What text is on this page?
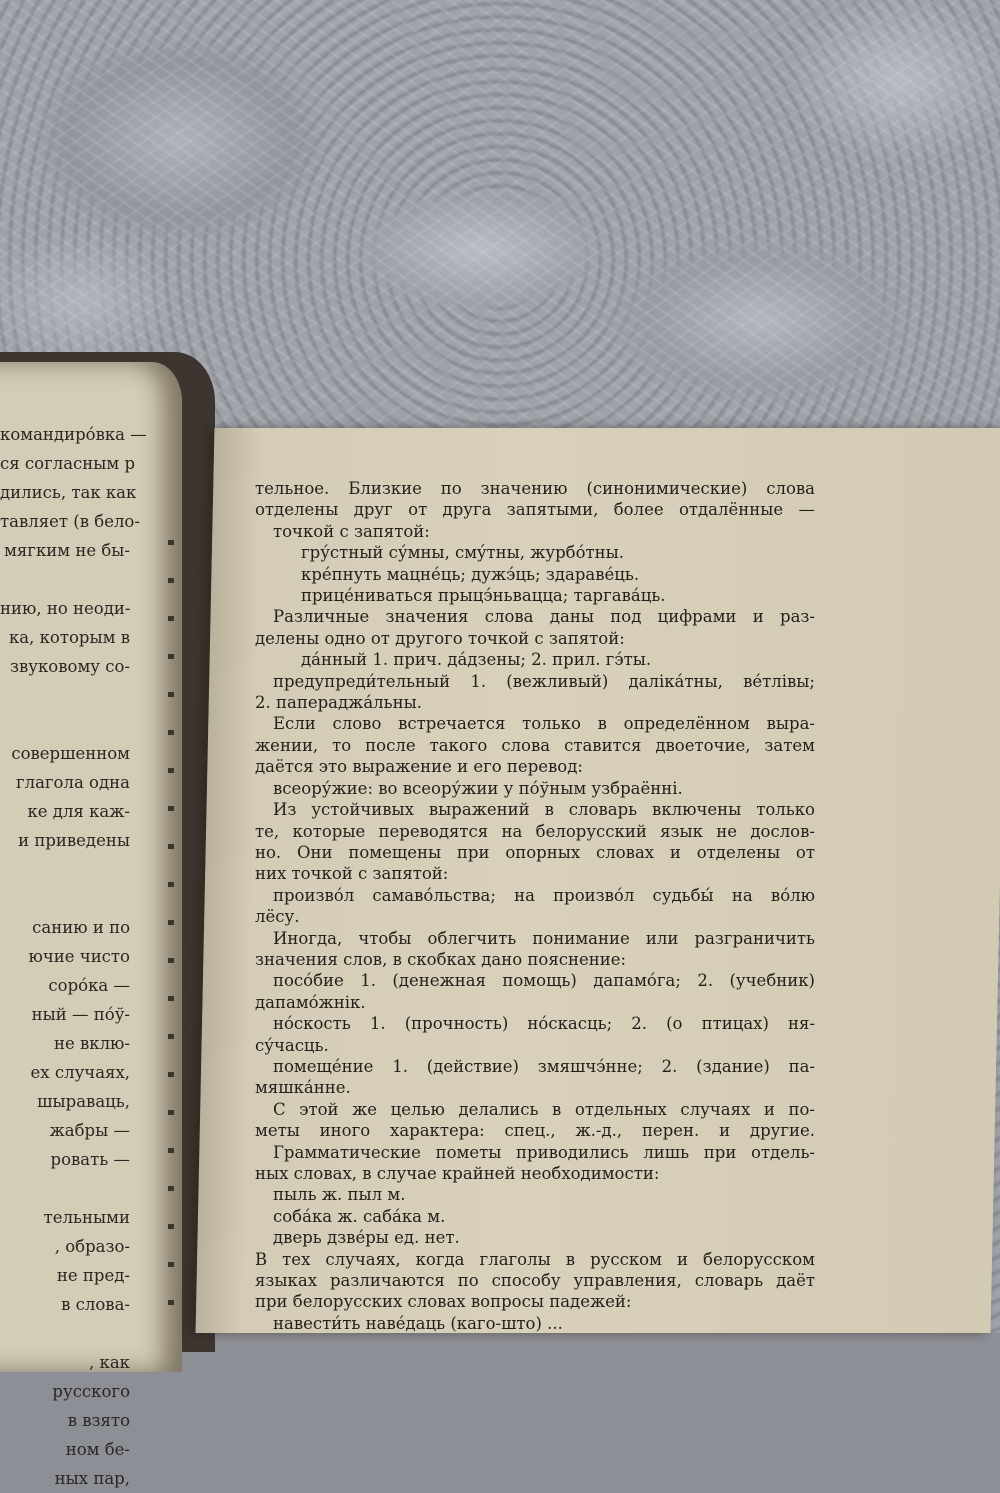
командиро́вка —
ся согласным р
дились, так как
тавляет (в бело-
мягким не бы-

нию, но неоди-
ка, которым в
звуковому со-

совершенном
глагола одна
ке для каж-
и приведены

санию и по
ючие чисто
соро́ка —
ный — по́ў-
не вклю-
ех случаях,
шыраваць,
жабры —
ровать —

тельными
, образо-
не пред-
в слова-

, как
русского
в взято
ном бе-
ных пар,
тельное. Близкие по значению (синонимические) слова
отделены друг от друга запятыми, более отдалённые —
точкой с запятой:
гру́стный су́мны, смýтны, журбо́тны.
кре́пнуть мацне́ць; дужэ́ць; здараве́ць.
прице́ниваться прыцэ́ньвацца; таргава́ць.
Различные значения слова даны под цифрами и раз-
делены одно от другого точкой с запятой:
да́нный 1. прич. да́дзены; 2. прил. гэ́ты.
предупреди́тельный 1. (вежливый) даліка́тны, ве́тлівы;
2. папераджа́льны.
Если слово встречается только в определённом выра-
жении, то после такого слова ставится двоеточие, затем
даётся это выражение и его перевод:
всеору́жие: во всеору́жии у по́ўным узбраённі.
Из устойчивых выражений в словарь включены только
те, которые переводятся на белорусский язык не дослов-
но. Они помещены при опорных словах и отделены от
них точкой с запятой:
произво́л самаво́льства; на произво́л судьбы́ на во́лю
лёсу.
Иногда, чтобы облегчить понимание или разграничить
значения слов, в скобках дано пояснение:
посо́бие 1. (денежная помощь) дапамо́га; 2. (учебник)
дапамо́жнік.
но́скость 1. (прочность) но́скасць; 2. (о птицах) ня-
су́часць.
помеще́ние 1. (действие) змяшчэ́нне; 2. (здание) па-
мяшка́нне.
С этой же целью делались в отдельных случаях и по-
меты иного характера: спец., ж.-д., перен. и другие.
Грамматические пометы приводились лишь при отдель-
ных словах, в случае крайней необходимости:
пыль ж. пыл м.
соба́ка ж. саба́ка м.
дверь дзве́ры ед. нет.
В тех случаях, когда глаголы в русском и белорусском
языках различаются по способу управления, словарь даёт
при белорусских словах вопросы падежей:
навести́ть наве́даць (каго-што) ...
